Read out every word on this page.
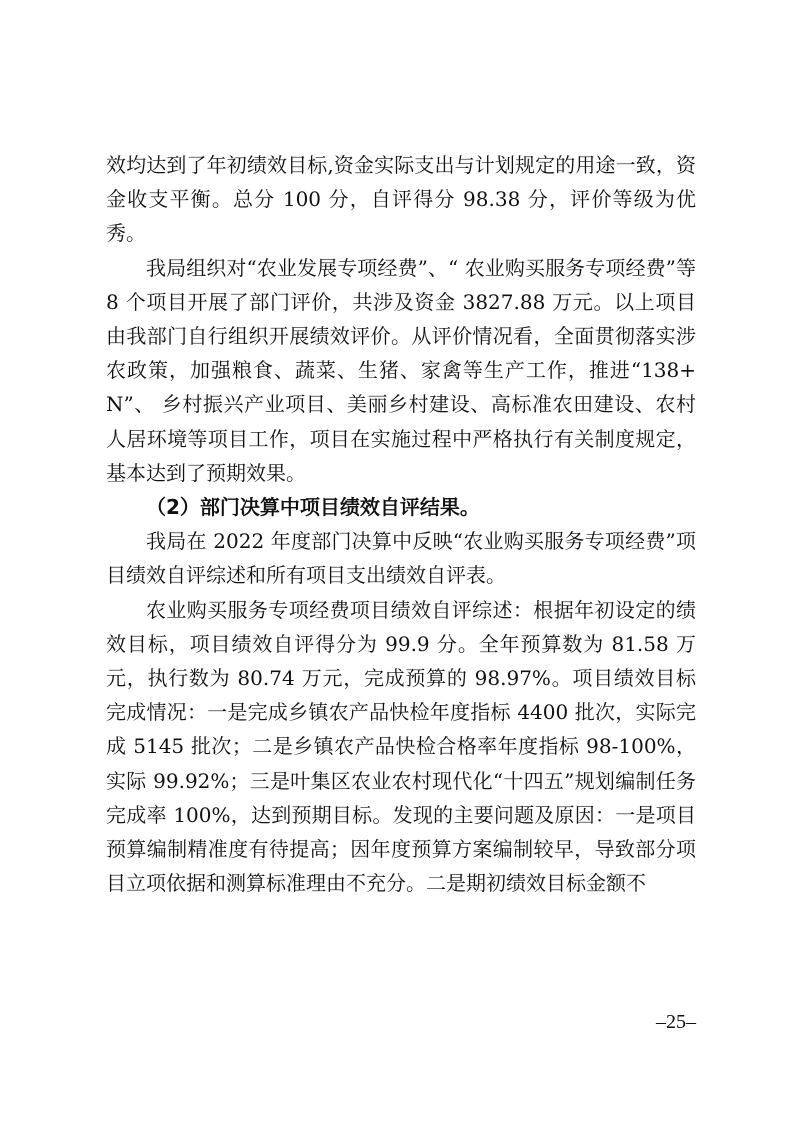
效均达到了年初绩效目标,资金实际支出与计划规定的用途一致，资金收支平衡。总分 100 分，自评得分 98.38 分，评价等级为优秀。

我局组织对“农业发展专项经费”、“ 农业购买服务专项经费”等 8 个项目开展了部门评价，共涉及资金 3827.88 万元。以上项目由我部门自行组织开展绩效评价。从评价情况看，全面贯彻落实涉农政策，加强粮食、蔬菜、生猪、家禽等生产工作，推进“138+N”、 乡村振兴产业项目、美丽乡村建设、高标准农田建设、农村人居环境等项目工作，项目在实施过程中严格执行有关制度规定，基本达到了预期效果。

（2）部门决算中项目绩效自评结果。

我局在 2022 年度部门决算中反映“农业购买服务专项经费”项目绩效自评综述和所有项目支出绩效自评表。

农业购买服务专项经费项目绩效自评综述：根据年初设定的绩效目标，项目绩效自评得分为 99.9 分。全年预算数为 81.58 万元，执行数为 80.74 万元，完成预算的 98.97%。项目绩效目标完成情况：一是完成乡镇农产品快检年度指标 4400 批次，实际完成 5145 批次；二是乡镇农产品快检合格率年度指标 98-100%，实际 99.92%；三是叶集区农业农村现代化“十四五”规划编制任务完成率 100%，达到预期目标。发现的主要问题及原因：一是项目预算编制精准度有待提高；因年度预算方案编制较早，导致部分项目立项依据和测算标准理由不充分。二是期初绩效目标金额不

–25–
